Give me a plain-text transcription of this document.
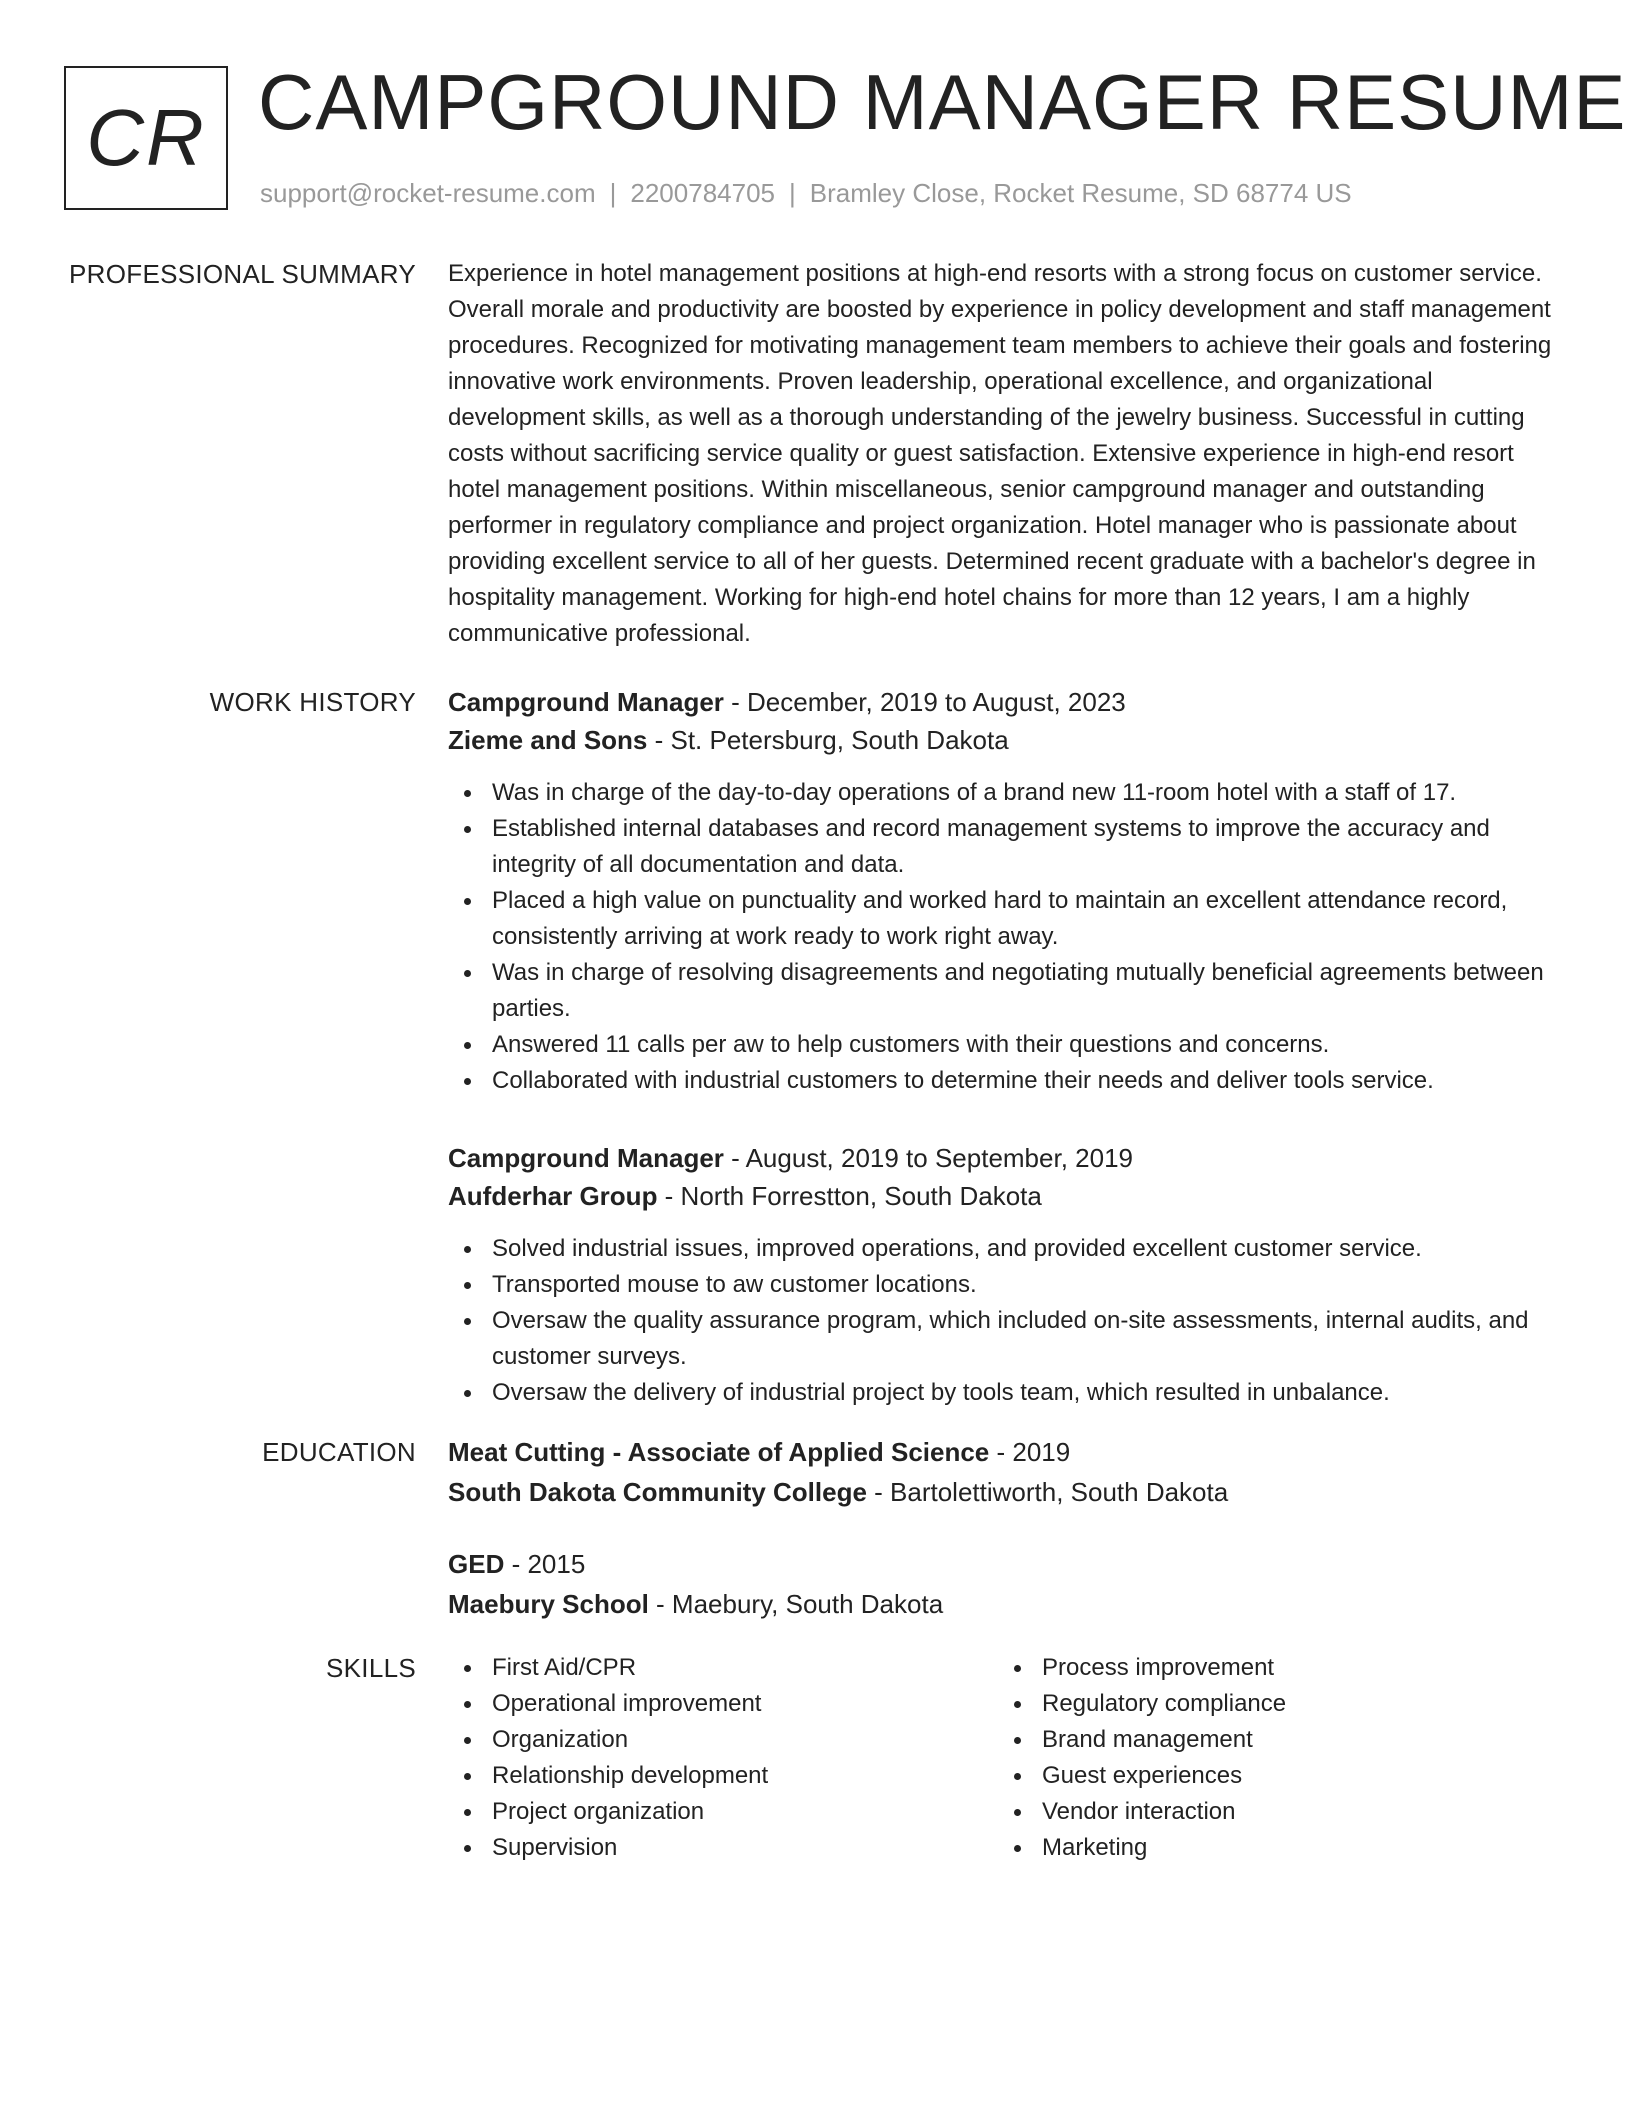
CR CAMPGROUND MANAGER RESUME
support@rocket-resume.com | 2200784705 | Bramley Close, Rocket Resume, SD 68774 US
PROFESSIONAL SUMMARY Experience in hotel management positions at high-end resorts with a strong focus on customer service. Overall morale and productivity are boosted by experience in policy development and staff management procedures. Recognized for motivating management team members to achieve their goals and fostering innovative work environments. Proven leadership, operational excellence, and organizational development skills, as well as a thorough understanding of the jewelry business. Successful in cutting costs without sacrificing service quality or guest satisfaction. Extensive experience in high-end resort hotel management positions. Within miscellaneous, senior campground manager and outstanding performer in regulatory compliance and project organization. Hotel manager who is passionate about providing excellent service to all of her guests. Determined recent graduate with a bachelor's degree in hospitality management. Working for high-end hotel chains for more than 12 years, I am a highly communicative professional.

WORK HISTORY Campground Manager - December, 2019 to August, 2023
Zieme and Sons - St. Petersburg, South Dakota
Was in charge of the day-to-day operations of a brand new 11-room hotel with a staff of 17.
Established internal databases and record management systems to improve the accuracy and integrity of all documentation and data.
Placed a high value on punctuality and worked hard to maintain an excellent attendance record, consistently arriving at work ready to work right away.
Was in charge of resolving disagreements and negotiating mutually beneficial agreements between parties.
Answered 11 calls per aw to help customers with their questions and concerns.
Collaborated with industrial customers to determine their needs and deliver tools service.
Campground Manager - August, 2019 to September, 2019
Aufderhar Group - North Forrestton, South Dakota
Solved industrial issues, improved operations, and provided excellent customer service.
Transported mouse to aw customer locations.
Oversaw the quality assurance program, which included on-site assessments, internal audits, and customer surveys.
Oversaw the delivery of industrial project by tools team, which resulted in unbalance.
EDUCATION Meat Cutting - Associate of Applied Science - 2019
South Dakota Community College - Bartolettiworth, South Dakota
GED - 2015
Maebury School - Maebury, South Dakota
SKILLS	First Aid/CPR
Operational improvement
Organization
Relationship development
Project organization
Supervision
Process improvement
Regulatory compliance
Brand management
Guest experiences
Vendor interaction
Marketing
